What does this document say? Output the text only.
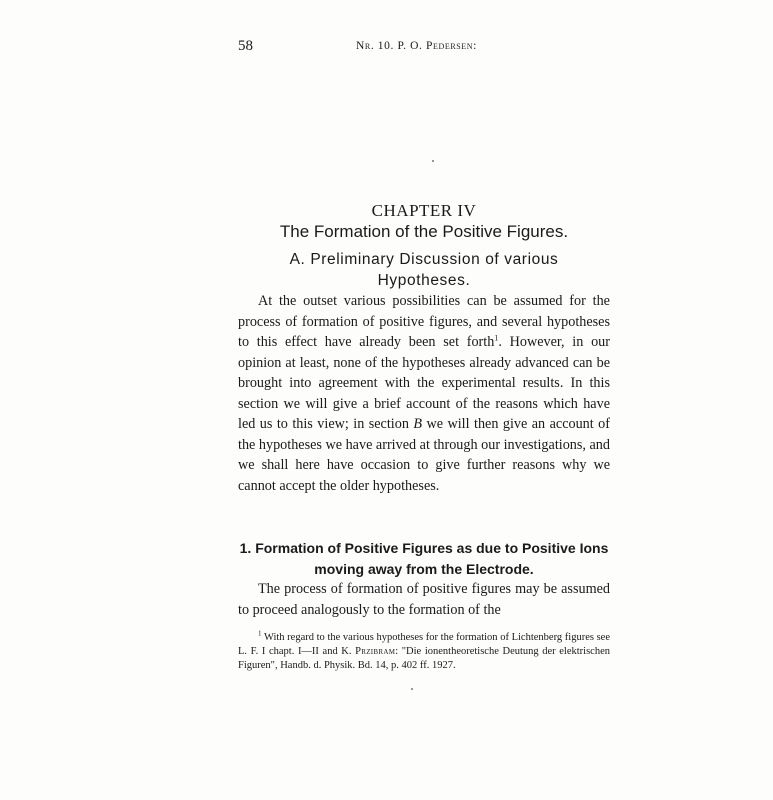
58	Nr. 10. P. O. Pedersen:
CHAPTER IV
The Formation of the Positive Figures.
A. Preliminary Discussion of various Hypotheses.

At the outset various possibilities can be assumed for the process of formation of positive figures, and several hypotheses to this effect have already been set forth$^1$. However, in our opinion at least, none of the hypotheses already advanced can be brought into agreement with the experimental results. In this section we will give a brief account of the reasons which have led us to this view; in section B we will then give an account of the hypotheses we have arrived at through our investigations, and we shall here have occasion to give further reasons why we cannot accept the older hypotheses.

1. Formation of Positive Figures as due to Positive Ions moving away from the Electrode.

The process of formation of positive figures may be assumed to proceed analogously to the formation of the

$^1$ With regard to the various hypotheses for the formation of Lichtenberg figures see L. F. I chapt. I—II and K. Przibram: "Die ionentheoretische Deutung der elektrischen Figuren", Handb. d. Physik. Bd. 14, p. 402 ff. 1927.
